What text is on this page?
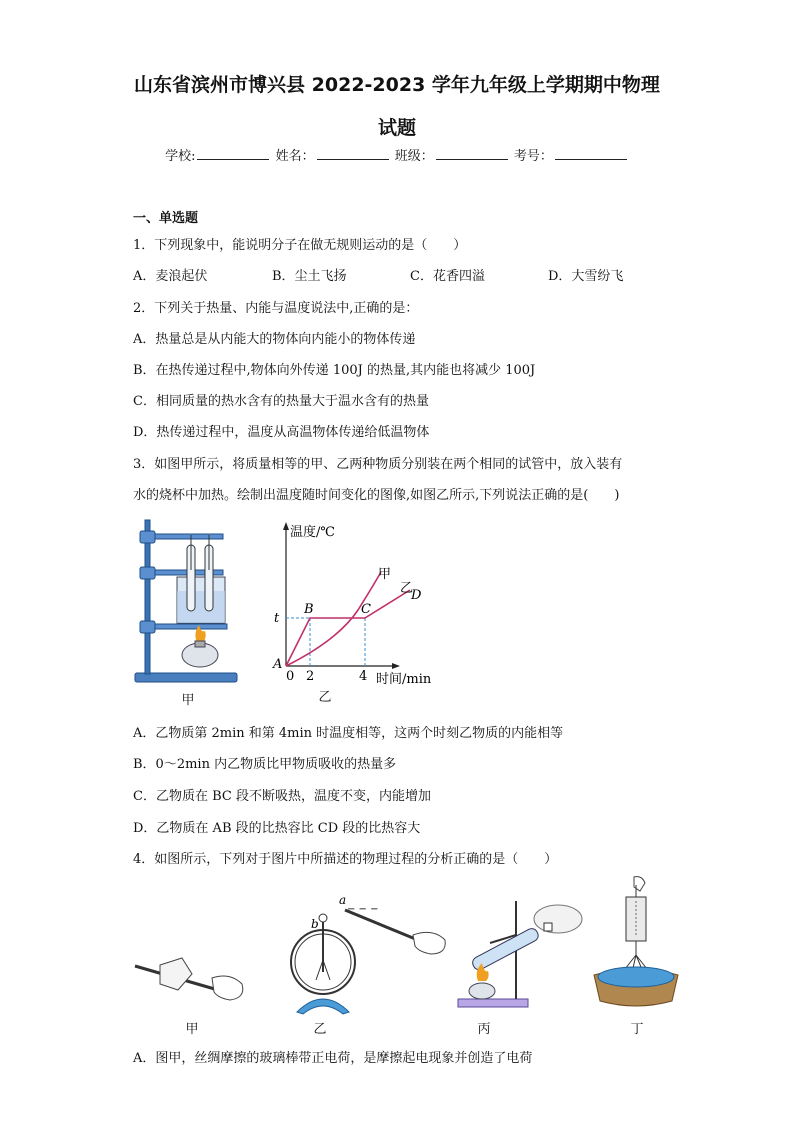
山东省滨州市博兴县 2022-2023 学年九年级上学期期中物理
试题
学校:	姓名：	班级：	考号：
一、单选题
1．下列现象中，能说明分子在做无规则运动的是（　　）
A．麦浪起伏	B．尘土飞扬	C．花香四溢	D．大雪纷飞
2．下列关于热量、内能与温度说法中,正确的是：
A．热量总是从内能大的物体向内能小的物体传递
B．在热传递过程中,物体向外传递 100J 的热量,其内能也将减少 100J
C．相同质量的热水含有的热量大于温水含有的热量
D．热传递过程中，温度从高温物体传递给低温物体
3．如图甲所示，将质量相等的甲、乙两种物质分别装在两个相同的试管中，放入装有
水的烧杯中加热。绘制出温度随时间变化的图像,如图乙所示,下列说法正确的是(　　)
甲
温度/℃
时间/min
0 2	4
t
A
B	C
D
甲
乙
乙
A．乙物质第 2min 和第 4min 时温度相等，这两个时刻乙物质的内能相等
B．0～2min 内乙物质比甲物质吸收的热量多
C．乙物质在 BC 段不断吸热，温度不变，内能增加
D．乙物质在 AB 段的比热容比 CD 段的比热容大
4．如图所示，下列对于图片中所描述的物理过程的分析正确的是（　　）
甲
b
a
− − −
乙	丙	丁
A．图甲，丝绸摩擦的玻璃棒带正电荷，是摩擦起电现象并创造了电荷
